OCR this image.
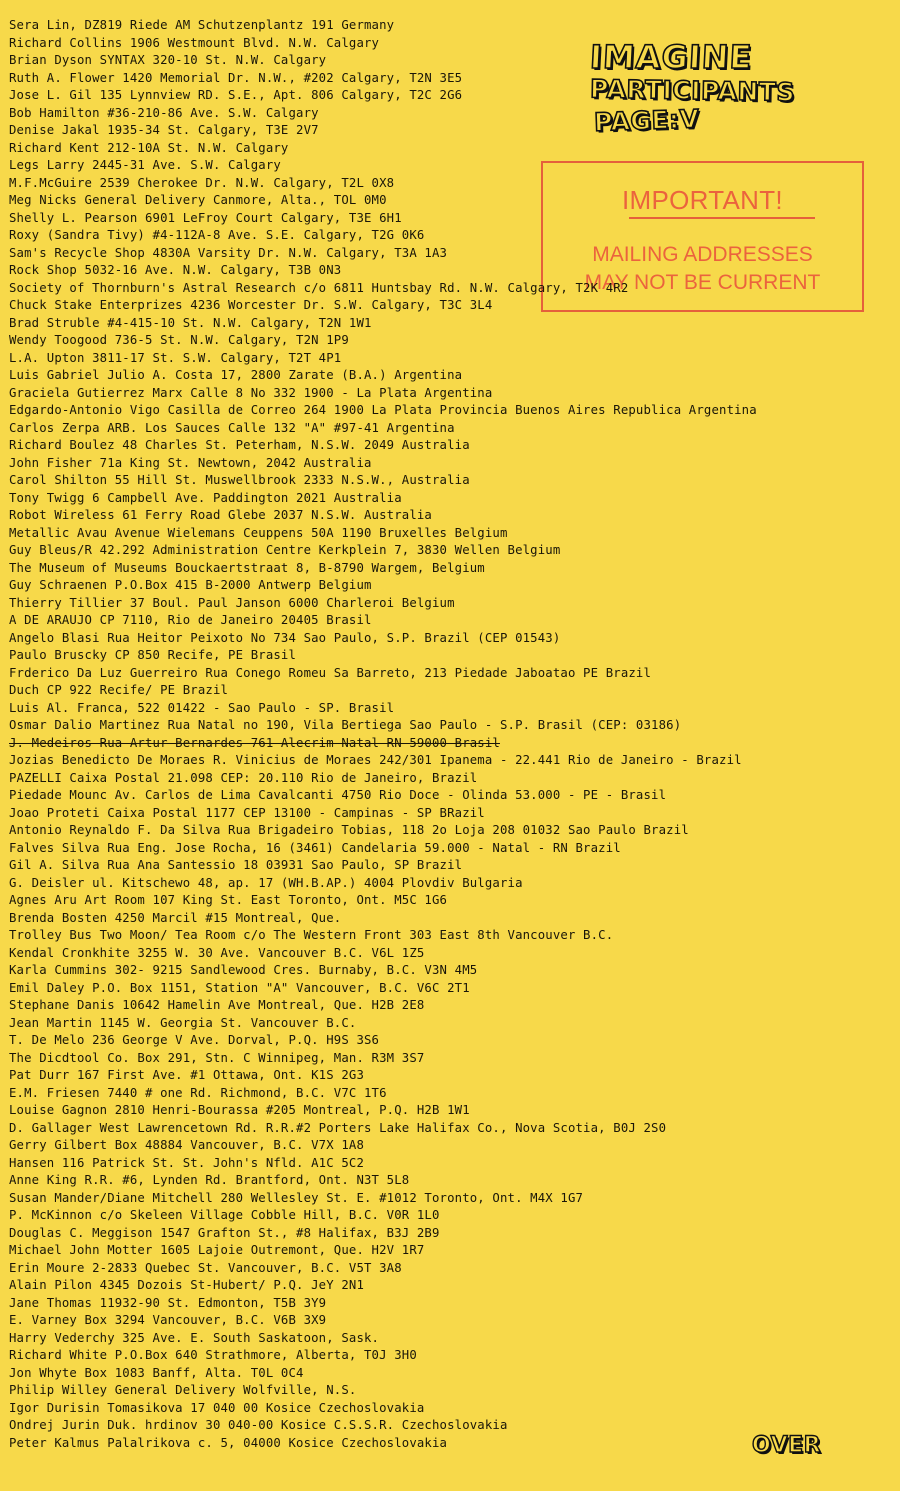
IMAGINE
PARTICIPANTS
PAGE:V
IMPORTANT!
MAILING ADDRESSES
MAY NOT BE CURRENT
Sera Lin, DZ819 Riede AM Schutzenplantz 191 Germany
Richard Collins 1906 Westmount Blvd. N.W. Calgary
Brian Dyson SYNTAX 320-10 St. N.W. Calgary
Ruth A. Flower 1420 Memorial Dr. N.W., #202 Calgary, T2N 3E5
Jose L. Gil 135 Lynnview RD. S.E., Apt. 806 Calgary, T2C 2G6
Bob Hamilton #36-210-86 Ave. S.W. Calgary
Denise Jakal 1935-34 St. Calgary, T3E 2V7
Richard Kent 212-10A St. N.W. Calgary
Legs Larry 2445-31 Ave. S.W. Calgary
M.F.McGuire 2539 Cherokee Dr. N.W. Calgary, T2L 0X8
Meg Nicks General Delivery Canmore, Alta., TOL 0M0
Shelly L. Pearson 6901 LeFroy Court Calgary, T3E 6H1
Roxy (Sandra Tivy) #4-112A-8 Ave. S.E. Calgary, T2G 0K6
Sam's Recycle Shop 4830A Varsity Dr. N.W. Calgary, T3A 1A3
Rock Shop 5032-16 Ave. N.W. Calgary, T3B 0N3
Society of Thornburn's Astral Research c/o 6811 Huntsbay Rd. N.W. Calgary, T2K 4R2
Chuck Stake Enterprizes 4236 Worcester Dr. S.W. Calgary, T3C 3L4
Brad Struble #4-415-10 St. N.W. Calgary, T2N 1W1
Wendy Toogood 736-5 St. N.W. Calgary, T2N 1P9
L.A. Upton 3811-17 St. S.W. Calgary, T2T 4P1
Luis Gabriel Julio A. Costa 17, 2800 Zarate (B.A.) Argentina
Graciela Gutierrez Marx Calle 8 No 332 1900 - La Plata Argentina
Edgardo-Antonio Vigo Casilla de Correo 264 1900 La Plata Provincia Buenos Aires Republica Argentina
Carlos Zerpa ARB. Los Sauces Calle 132 "A" #97-41 Argentina
Richard Boulez 48 Charles St. Peterham, N.S.W. 2049 Australia
John Fisher 71a King St. Newtown, 2042 Australia
Carol Shilton 55 Hill St. Muswellbrook 2333 N.S.W., Australia
Tony Twigg 6 Campbell Ave. Paddington 2021 Australia
Robot Wireless 61 Ferry Road Glebe 2037 N.S.W. Australia
Metallic Avau Avenue Wielemans Ceuppens 50A 1190 Bruxelles Belgium
Guy Bleus/R 42.292 Administration Centre Kerkplein 7, 3830 Wellen Belgium
The Museum of Museums Bouckaertstraat 8, B-8790 Wargem, Belgium
Guy Schraenen P.O.Box 415 B-2000 Antwerp Belgium
Thierry Tillier 37 Boul. Paul Janson 6000 Charleroi Belgium
A DE ARAUJO CP 7110, Rio de Janeiro 20405 Brasil
Angelo Blasi Rua Heitor Peixoto No 734 Sao Paulo, S.P. Brazil (CEP 01543)
Paulo Bruscky CP 850 Recife, PE Brasil
Frderico Da Luz Guerreiro Rua Conego Romeu Sa Barreto, 213 Piedade Jaboatao PE Brazil
Duch CP 922 Recife/ PE Brazil
Luis Al. Franca, 522 01422 - Sao Paulo - SP. Brasil
Osmar Dalio Martinez Rua Natal no 190, Vila Bertiega Sao Paulo - S.P. Brasil (CEP: 03186)
J. Medeiros Rua Artur Bernardes 761 Alecrim Natal-RN 59000 Brasil
Jozias Benedicto De Moraes R. Vinicius de Moraes 242/301 Ipanema - 22.441 Rio de Janeiro - Brazil
PAZELLI Caixa Postal 21.098 CEP: 20.110 Rio de Janeiro, Brazil
Piedade Mounc Av. Carlos de Lima Cavalcanti 4750 Rio Doce - Olinda 53.000 - PE - Brasil
Joao Proteti Caixa Postal 1177 CEP 13100 - Campinas - SP BRazil
Antonio Reynaldo F. Da Silva Rua Brigadeiro Tobias, 118 2o Loja 208 01032 Sao Paulo Brazil
Falves Silva Rua Eng. Jose Rocha, 16 (3461) Candelaria 59.000 - Natal - RN Brazil
Gil A. Silva Rua Ana Santessio 18 03931 Sao Paulo, SP Brazil
G. Deisler ul. Kitschewo 48, ap. 17 (WH.B.AP.) 4004 Plovdiv Bulgaria
Agnes Aru Art Room 107 King St. East Toronto, Ont. M5C 1G6
Brenda Bosten 4250 Marcil #15 Montreal, Que.
Trolley Bus Two Moon/ Tea Room c/o The Western Front 303 East 8th Vancouver B.C.
Kendal Cronkhite 3255 W. 30 Ave. Vancouver B.C. V6L 1Z5
Karla Cummins 302- 9215 Sandlewood Cres. Burnaby, B.C. V3N 4M5
Emil Daley P.O. Box 1151, Station "A" Vancouver, B.C. V6C 2T1
Stephane Danis 10642 Hamelin Ave Montreal, Que. H2B 2E8
Jean Martin 1145 W. Georgia St. Vancouver B.C.
T. De Melo 236 George V Ave. Dorval, P.Q. H9S 3S6
The Dicdtool Co. Box 291, Stn. C Winnipeg, Man. R3M 3S7
Pat Durr 167 First Ave. #1 Ottawa, Ont. K1S 2G3
E.M. Friesen 7440 # one Rd. Richmond, B.C. V7C 1T6
Louise Gagnon 2810 Henri-Bourassa #205 Montreal, P.Q. H2B 1W1
D. Gallager West Lawrencetown Rd. R.R.#2 Porters Lake Halifax Co., Nova Scotia, B0J 2S0
Gerry Gilbert Box 48884 Vancouver, B.C. V7X 1A8
Hansen 116 Patrick St. St. John's Nfld. A1C 5C2
Anne King R.R. #6, Lynden Rd. Brantford, Ont. N3T 5L8
Susan Mander/Diane Mitchell 280 Wellesley St. E. #1012 Toronto, Ont. M4X 1G7
P. McKinnon c/o Skeleen Village Cobble Hill, B.C. V0R 1L0
Douglas C. Meggison 1547 Grafton St., #8 Halifax, B3J 2B9
Michael John Motter 1605 Lajoie Outremont, Que. H2V 1R7
Erin Moure 2-2833 Quebec St. Vancouver, B.C. V5T 3A8
Alain Pilon 4345 Dozois St-Hubert/ P.Q. JeY 2N1
Jane Thomas 11932-90 St. Edmonton, T5B 3Y9
E. Varney Box 3294 Vancouver, B.C. V6B 3X9
Harry Vederchy 325 Ave. E. South Saskatoon, Sask.
Richard White P.O.Box 640 Strathmore, Alberta, T0J 3H0
Jon Whyte Box 1083 Banff, Alta. T0L 0C4
Philip Willey General Delivery Wolfville, N.S.
Igor Durisin Tomasikova 17 040 00 Kosice Czechoslovakia
Ondrej Jurin Duk. hrdinov 30 040-00 Kosice C.S.S.R. Czechoslovakia
Peter Kalmus Palalrikova c. 5, 04000 Kosice Czechoslovakia	OVER
